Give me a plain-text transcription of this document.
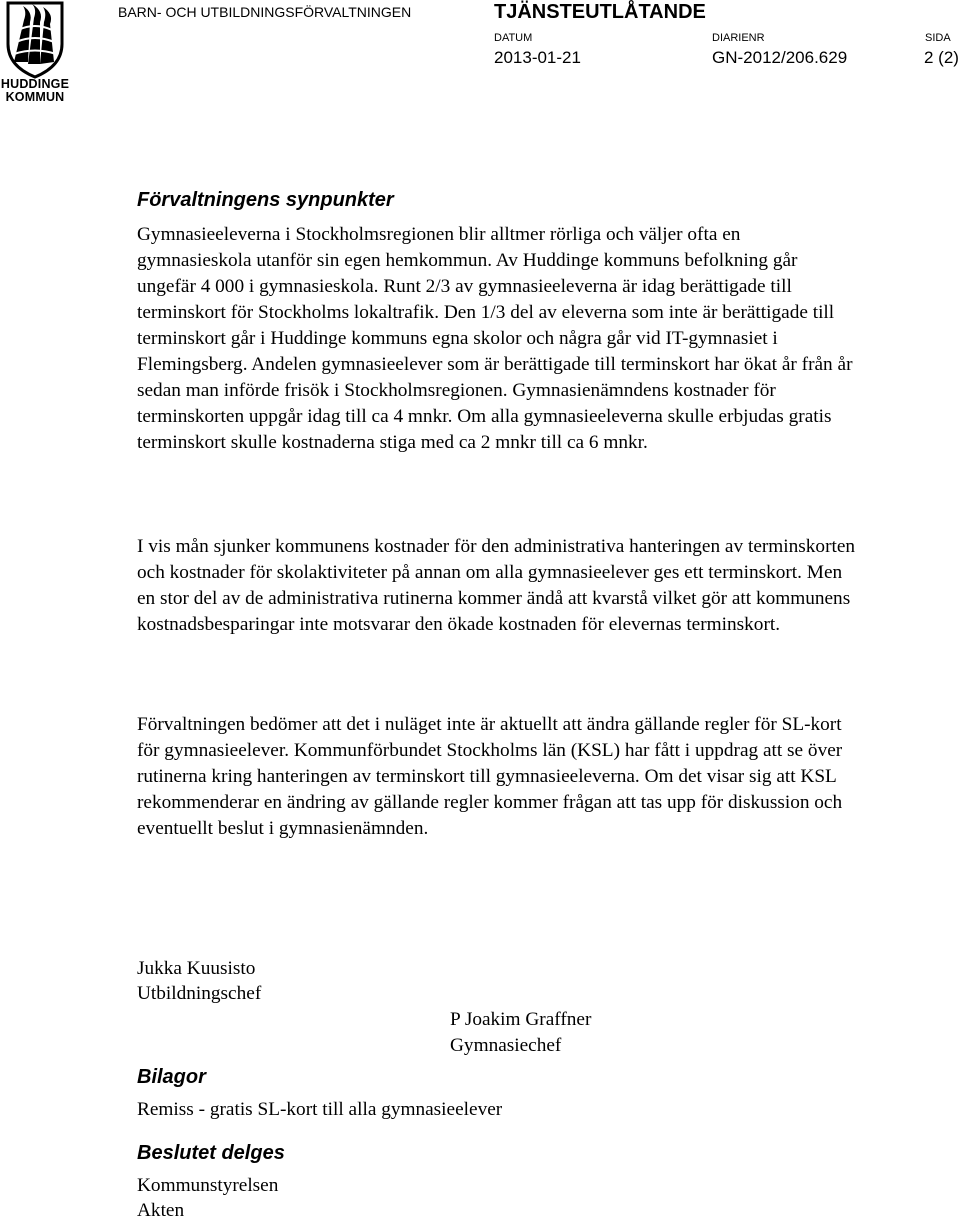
HUDDINGE
KOMMUN
BARN- OCH UTBILDNINGSFÖRVALTNINGEN	TJÄNSTEUTLÅTANDE
DATUM	DIARIENR	SIDA
2013-01-21	GN-2012/206.629	2 (2)
Förvaltningens synpunkter

Gymnasieeleverna i Stockholmsregionen blir alltmer rörliga och väljer ofta en gymnasieskola utanför sin egen hemkommun. Av Huddinge kommuns befolkning går ungefär 4 000 i gymnasieskola. Runt 2/3 av gymnasieeleverna är idag berättigade till terminskort för Stockholms lokaltrafik. Den 1/3 del av eleverna som inte är berättigade till terminskort går i Huddinge kommuns egna skolor och några går vid IT-gymnasiet i Flemingsberg. Andelen gymnasieelever som är berättigade till terminskort har ökat år från år sedan man införde frisök i Stockholmsregionen. Gymnasienämndens kostnader för terminskorten uppgår idag till ca 4 mnkr. Om alla gymnasieeleverna skulle erbjudas gratis terminskort skulle kostnaderna stiga med ca 2 mnkr till ca 6 mnkr.

I vis mån sjunker kommunens kostnader för den administrativa hanteringen av terminskorten och kostnader för skolaktiviteter på annan om alla gymnasieelever ges ett terminskort. Men en stor del av de administrativa rutinerna kommer ändå att kvarstå vilket gör att kommunens kostnadsbesparingar inte motsvarar den ökade kostnaden för elevernas terminskort.

Förvaltningen bedömer att det i nuläget inte är aktuellt att ändra gällande regler för SL-kort för gymnasieelever. Kommunförbundet Stockholms län (KSL) har fått i uppdrag att se över rutinerna kring hanteringen av terminskort till gymnasieeleverna. Om det visar sig att KSL rekommenderar en ändring av gällande regler kommer frågan att tas upp för diskussion och eventuellt beslut i gymnasienämnden.

Jukka Kuusisto
Utbildningschef
P Joakim Graffner
Gymnasiechef
Bilagor
Remiss - gratis SL-kort till alla gymnasieelever
Beslutet delges
Kommunstyrelsen
Akten
